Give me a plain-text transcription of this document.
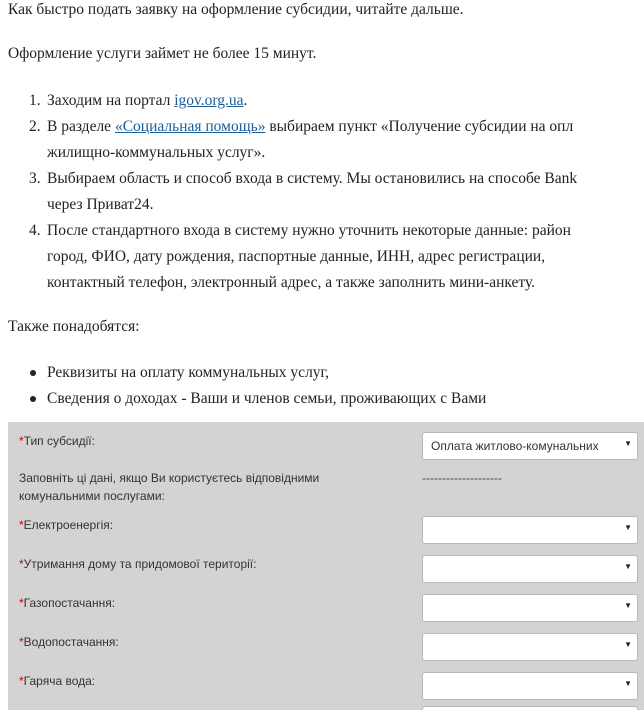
Как быстро подать заявку на оформление субсидии, читайте дальше.
Оформление услуги займет не более 15 минут.
1. Заходим на портал igov.org.ua.
2. В разделе «Социальная помощь» выбираем пункт «Получение субсидии на опл
жилищно-коммунальных услуг».
3. Выбираем область и способ входа в систему. Мы остановились на способе Bank
через Приват24.
4. После стандартного входа в систему нужно уточнить некоторые данные: район
город, ФИО, дату рождения, паспортные данные, ИНН, адрес регистрации,
контактный телефон, электронный адрес, а также заполнить мини-анкету.
Также понадобятся:
Реквизиты на оплату коммунальных услуг,
Сведения о доходах - Ваши и членов семьи, проживающих с Вами
*Тип субсидії:	Оплата житлово-комунальних	▼
Заповніть ці дані, якщо Ви користуєтесь відповідними
комунальними послугами:
--------------------
*Електроенергія:	▼
*Утримання дому та придомової території:	▼
*Газопостачання:	▼
*Водопостачання:	▼
*Гаряча вода:	▼
